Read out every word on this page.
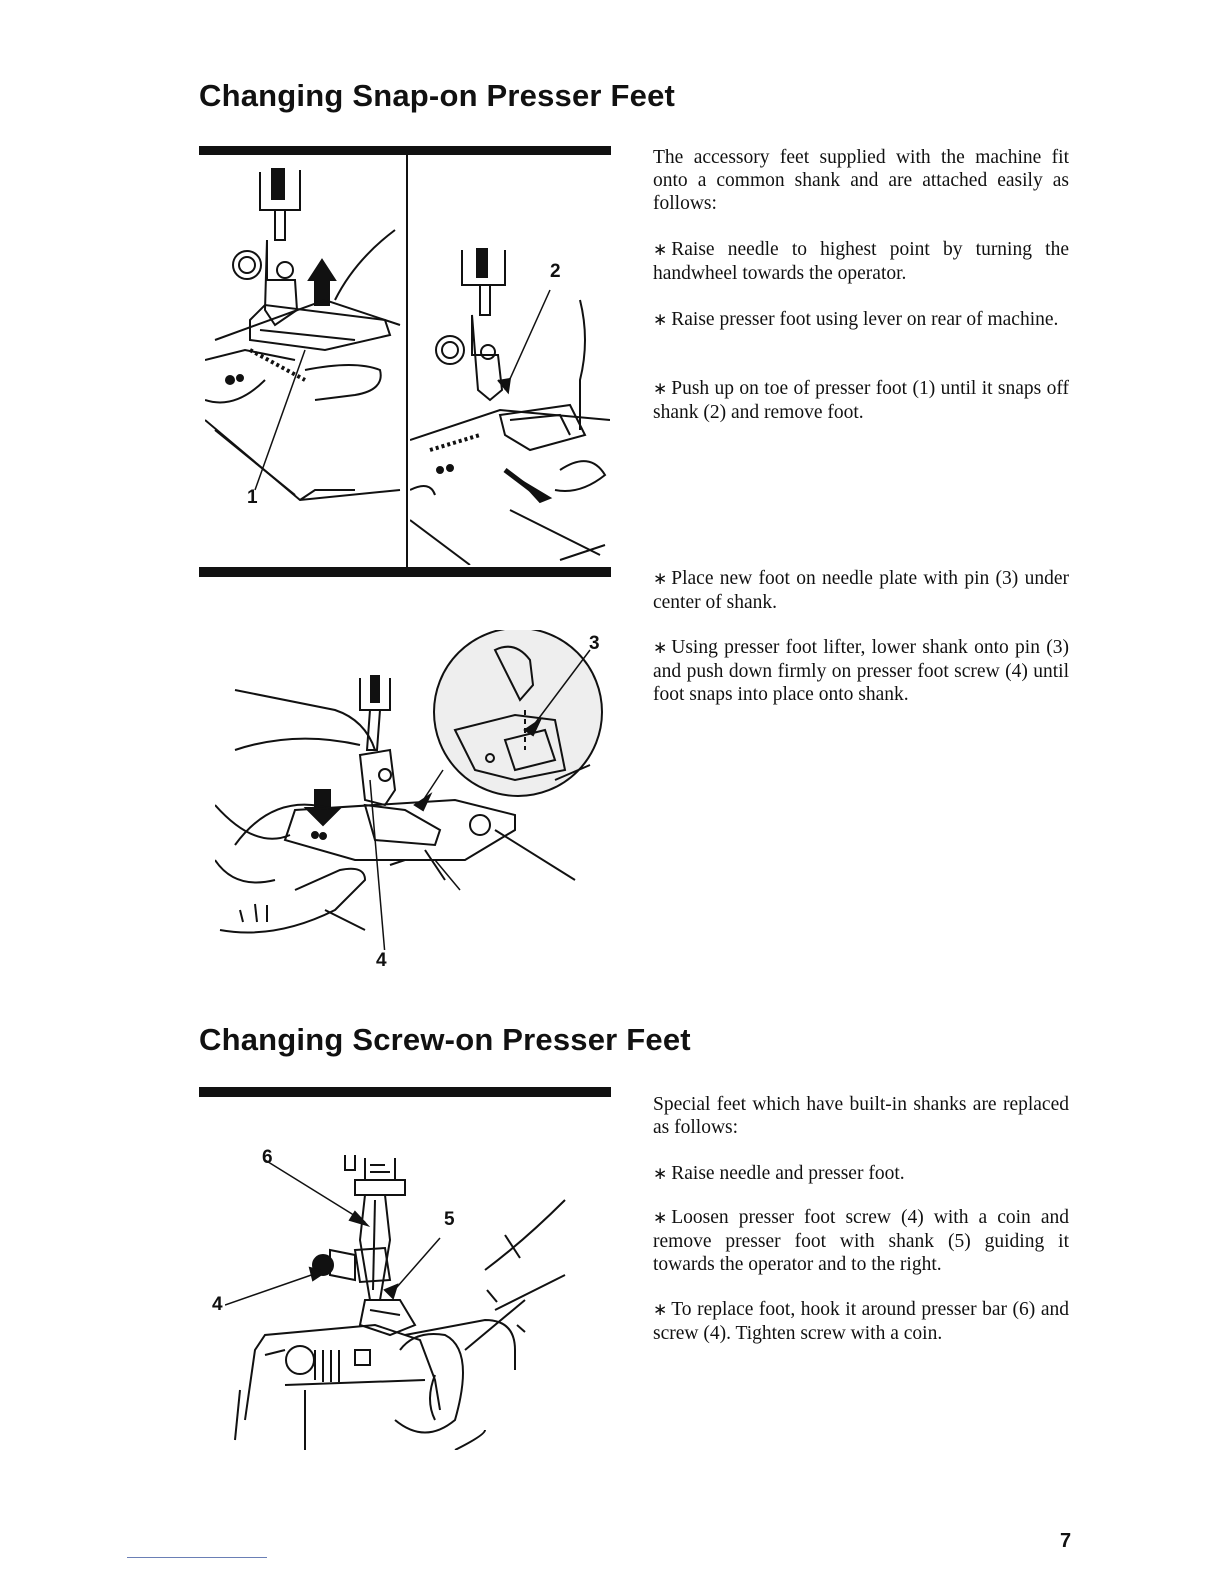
Changing Snap-on Presser Feet
1
2
3
4

The accessory feet supplied with the machine fit onto a common shank and are attached easily as follows:

∗ Raise needle to highest point by turning the handwheel towards the operator.

∗ Raise presser foot using lever on rear of machine.

∗ Push up on toe of presser foot (1) until it snaps off shank (2) and remove foot.

∗ Place new foot on needle plate with pin (3) under center of shank.

∗ Using presser foot lifter, lower shank onto pin (3) and push down firmly on presser foot screw (4) until foot snaps into place onto shank.

Changing Screw-on Presser Feet
6
5
4

Special feet which have built-in shanks are replaced as follows:

∗ Raise needle and presser foot.

∗ Loosen presser foot screw (4) with a coin and remove presser foot with shank (5) guiding it towards the operator and to the right.

∗ To replace foot, hook it around presser bar (6) and screw (4). Tighten screw with a coin.

7
